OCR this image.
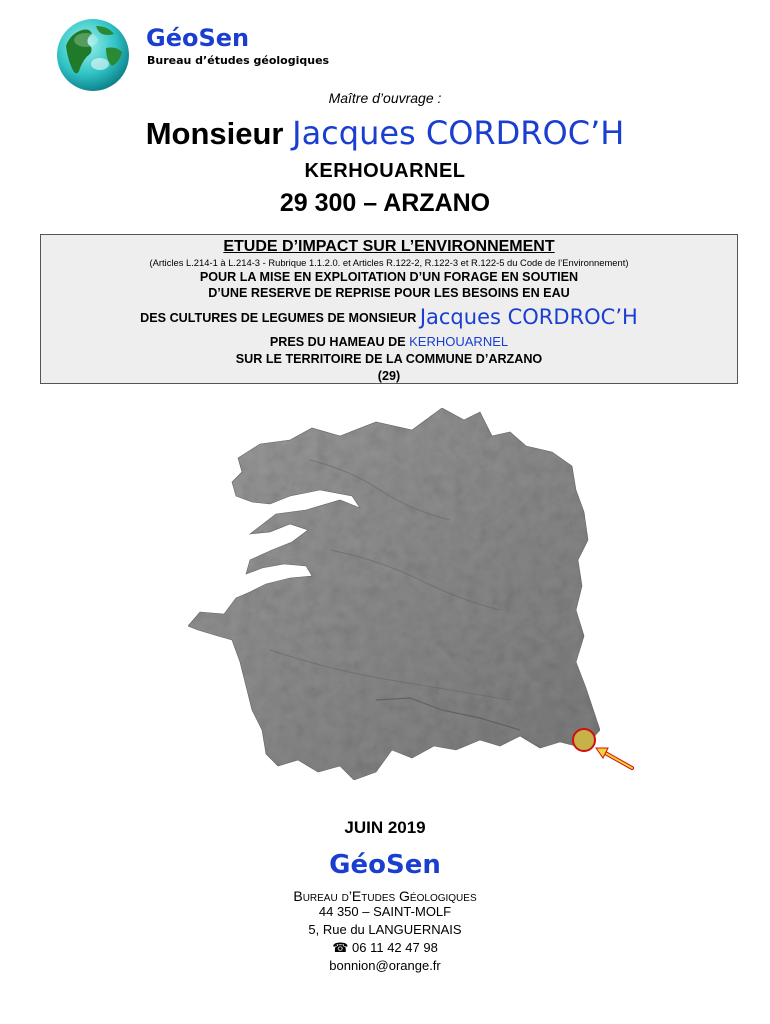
GéoSen
Bureau d’études géologiques
Maître d’ouvrage :
Monsieur Jacques CORDROC’H
KERHOUARNEL
29 300 – ARZANO
ETUDE D’IMPACT SUR L’ENVIRONNEMENT
(Articles L.214-1 à L.214-3 - Rubrique 1.1.2.0. et Articles R.122-2, R.122-3 et R.122-5 du Code de l’Environnement)
POUR LA MISE EN EXPLOITATION D’UN FORAGE EN SOUTIEN
D’UNE RESERVE DE REPRISE POUR LES BESOINS EN EAU
DES CULTURES DE LEGUMES DE MONSIEUR Jacques CORDROC’H
PRES DU HAMEAU DE KERHOUARNEL
SUR LE TERRITOIRE DE LA COMMUNE D’ARZANO
(29)
JUIN 2019
GéoSen
Bureau d’Etudes Géologiques
44 350 – SAINT-MOLF
5, Rue du LANGUERNAIS
☎ 06 11 42 47 98
bonnion@orange.fr
